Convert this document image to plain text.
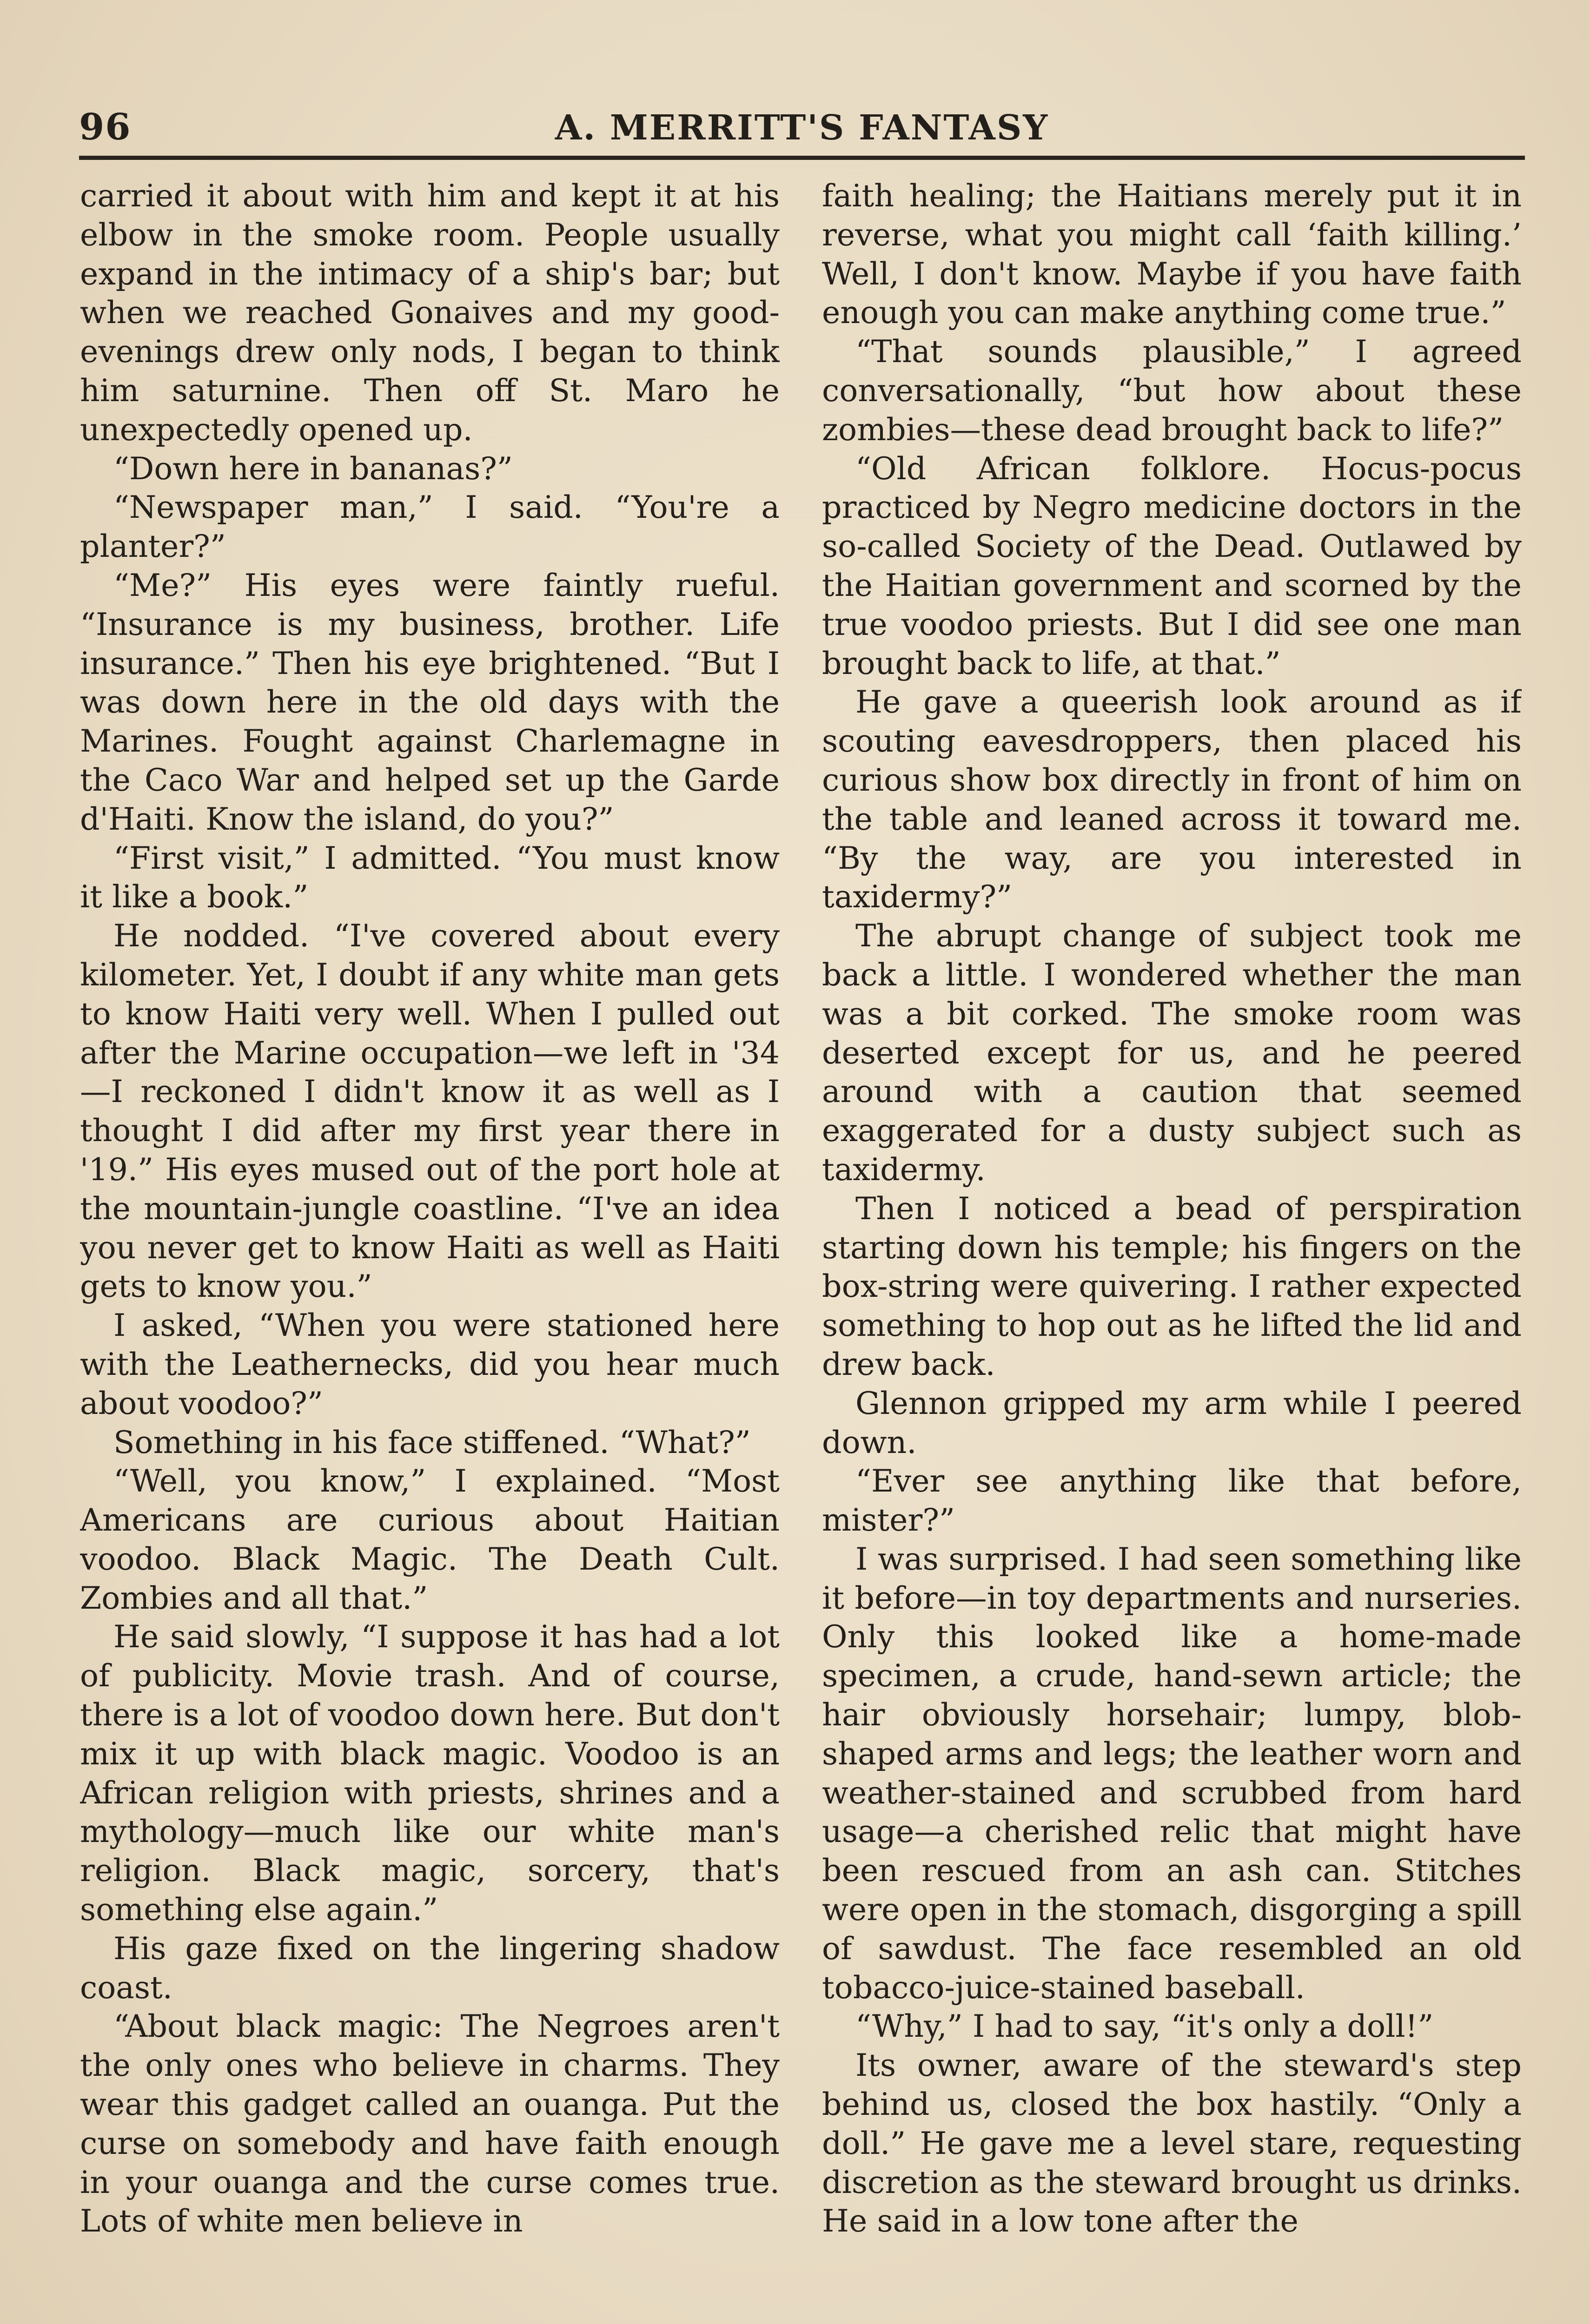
96	A. MERRITT'S FANTASY

carried it about with him and kept it at his elbow in the smoke room. People usually expand in the intimacy of a ship's bar; but when we reached Gonaives and my good-evenings drew only nods, I began to think him saturnine. Then off St. Maro he unexpectedly opened up.

“Down here in bananas?”

“Newspaper man,” I said. “You're a planter?”

“Me?” His eyes were faintly rueful. “Insurance is my business, brother. Life insurance.” Then his eye brightened. “But I was down here in the old days with the Marines. Fought against Charlemagne in the Caco War and helped set up the Garde d'Haiti. Know the island, do you?”

“First visit,” I admitted. “You must know it like a book.”

He nodded. “I've covered about every kilometer. Yet, I doubt if any white man gets to know Haiti very well. When I pulled out after the Marine occupation—we left in '34—I reckoned I didn't know it as well as I thought I did after my first year there in '19.” His eyes mused out of the port hole at the mountain-jungle coastline. “I've an idea you never get to know Haiti as well as Haiti gets to know you.”

I asked, “When you were stationed here with the Leathernecks, did you hear much about voodoo?”

Something in his face stiffened. “What?”

“Well, you know,” I explained. “Most Americans are curious about Haitian voodoo. Black Magic. The Death Cult. Zombies and all that.”

He said slowly, “I suppose it has had a lot of publicity. Movie trash. And of course, there is a lot of voodoo down here. But don't mix it up with black magic. Voodoo is an African religion with priests, shrines and a mythology—much like our white man's religion. Black magic, sorcery, that's something else again.”

His gaze fixed on the lingering shadow coast.

“About black magic: The Negroes aren't the only ones who believe in charms. They wear this gadget called an ouanga. Put the curse on somebody and have faith enough in your ouanga and the curse comes true. Lots of white men believe in

faith healing; the Haitians merely put it in reverse, what you might call ‘faith killing.’ Well, I don't know. Maybe if you have faith enough you can make anything come true.”

“That sounds plausible,” I agreed conversationally, “but how about these zombies—these dead brought back to life?”

“Old African folklore. Hocus-pocus practiced by Negro medicine doctors in the so-called Society of the Dead. Outlawed by the Haitian government and scorned by the true voodoo priests. But I did see one man brought back to life, at that.”

He gave a queerish look around as if scouting eavesdroppers, then placed his curious show box directly in front of him on the table and leaned across it toward me. “By the way, are you interested in taxidermy?”

The abrupt change of subject took me back a little. I wondered whether the man was a bit corked. The smoke room was deserted except for us, and he peered around with a caution that seemed exaggerated for a dusty subject such as taxidermy.

Then I noticed a bead of perspiration starting down his temple; his fingers on the box-string were quivering. I rather expected something to hop out as he lifted the lid and drew back.

Glennon gripped my arm while I peered down.

“Ever see anything like that before, mister?”

I was surprised. I had seen something like it before—in toy departments and nurseries. Only this looked like a home-made specimen, a crude, hand-sewn article; the hair obviously horsehair; lumpy, blob-shaped arms and legs; the leather worn and weather-stained and scrubbed from hard usage—a cherished relic that might have been rescued from an ash can. Stitches were open in the stomach, disgorging a spill of sawdust. The face resembled an old tobacco-juice-stained baseball.

“Why,” I had to say, “it's only a doll!”

Its owner, aware of the steward's step behind us, closed the box hastily. “Only a doll.” He gave me a level stare, requesting discretion as the steward brought us drinks. He said in a low tone after the
